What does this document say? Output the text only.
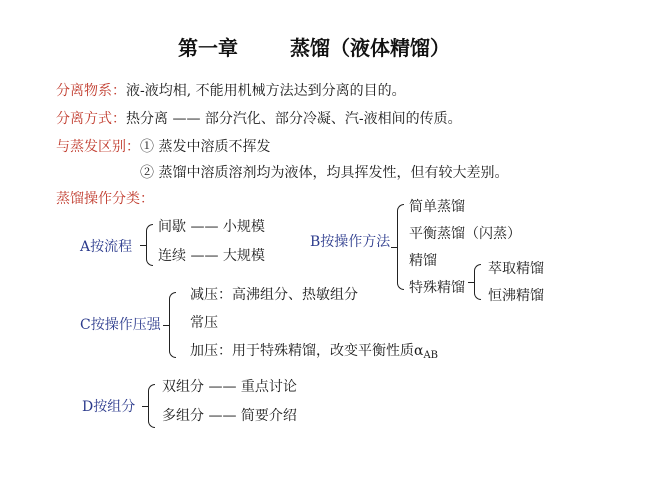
第一章	蒸馏（液体精馏）
分离物系：液-液均相, 不能用机械方法达到分离的目的。
分离方式：热分离 —— 部分汽化、部分冷凝、汽-液相间的传质。
与蒸发区别：① 蒸发中溶质不挥发
② 蒸馏中溶质溶剂均为液体，均具挥发性，但有较大差别。
蒸馏操作分类：
A按流程
间歇 —— 小规模
连续 —— 大规模
B按操作方法
简单蒸馏
平衡蒸馏（闪蒸）
精馏
特殊精馏
萃取精馏
恒沸精馏
C按操作压强
减压：高沸组分、热敏组分
常压
加压：用于特殊精馏，改变平衡性质$\alpha_{AB}$
D按组分
双组分 —— 重点讨论
多组分 —— 简要介绍
